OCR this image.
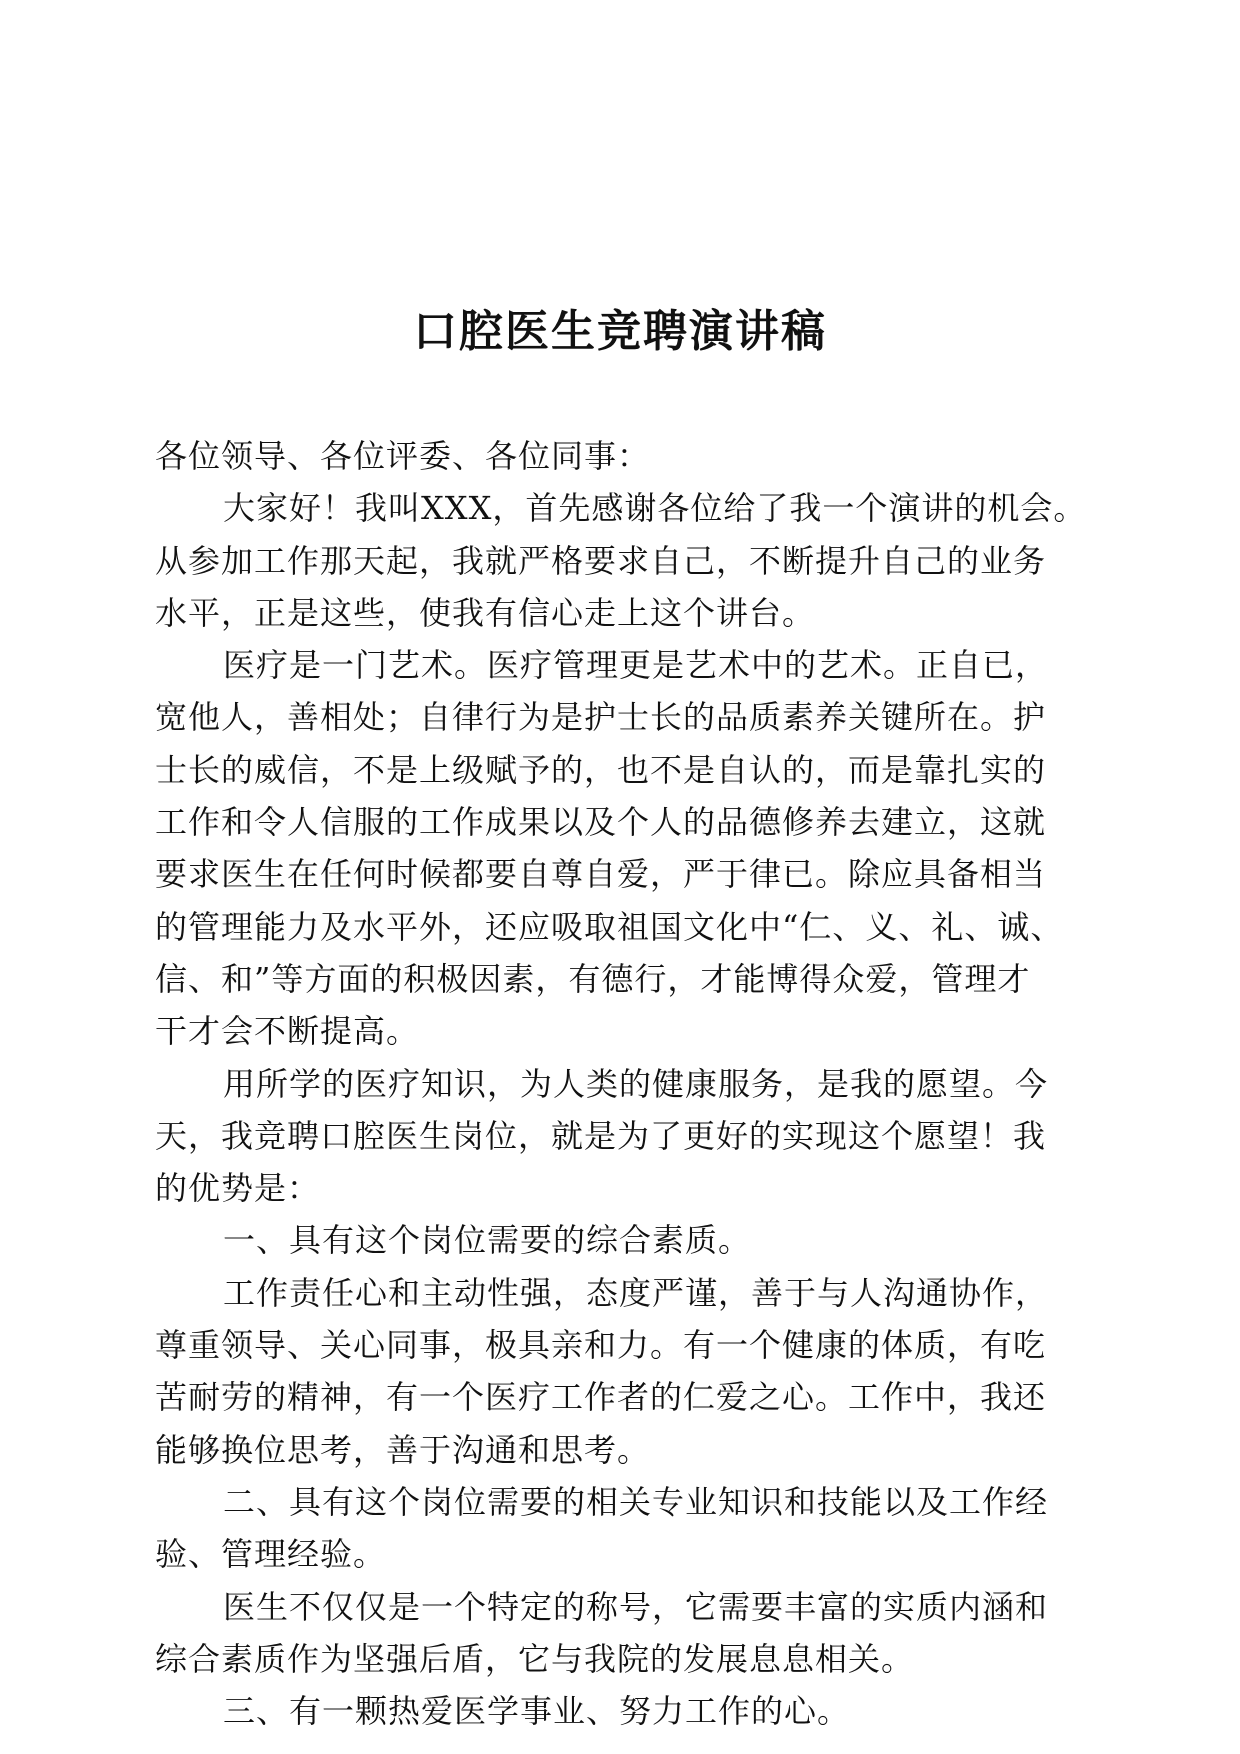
口腔医生竞聘演讲稿
各位领导、各位评委、各位同事：
大家好！我叫XXX，首先感谢各位给了我一个演讲的机会。
从参加工作那天起，我就严格要求自己，不断提升自己的业务
水平，正是这些，使我有信心走上这个讲台。
医疗是一门艺术。医疗管理更是艺术中的艺术。正自已，
宽他人，善相处；自律行为是护士长的品质素养关键所在。护
士长的威信，不是上级赋予的，也不是自认的，而是靠扎实的
工作和令人信服的工作成果以及个人的品德修养去建立，这就
要求医生在任何时候都要自尊自爱，严于律已。除应具备相当
的管理能力及水平外，还应吸取祖国文化中“仁、义、礼、诚、
信、和”等方面的积极因素，有德行，才能博得众爱，管理才
干才会不断提高。
用所学的医疗知识，为人类的健康服务，是我的愿望。今
天，我竞聘口腔医生岗位，就是为了更好的实现这个愿望！我
的优势是：
一、具有这个岗位需要的综合素质。
工作责任心和主动性强，态度严谨，善于与人沟通协作，
尊重领导、关心同事，极具亲和力。有一个健康的体质，有吃
苦耐劳的精神，有一个医疗工作者的仁爱之心。工作中，我还
能够换位思考，善于沟通和思考。
二、具有这个岗位需要的相关专业知识和技能以及工作经
验、管理经验。
医生不仅仅是一个特定的称号，它需要丰富的实质内涵和
综合素质作为坚强后盾，它与我院的发展息息相关。
三、有一颗热爱医学事业、努力工作的心。
